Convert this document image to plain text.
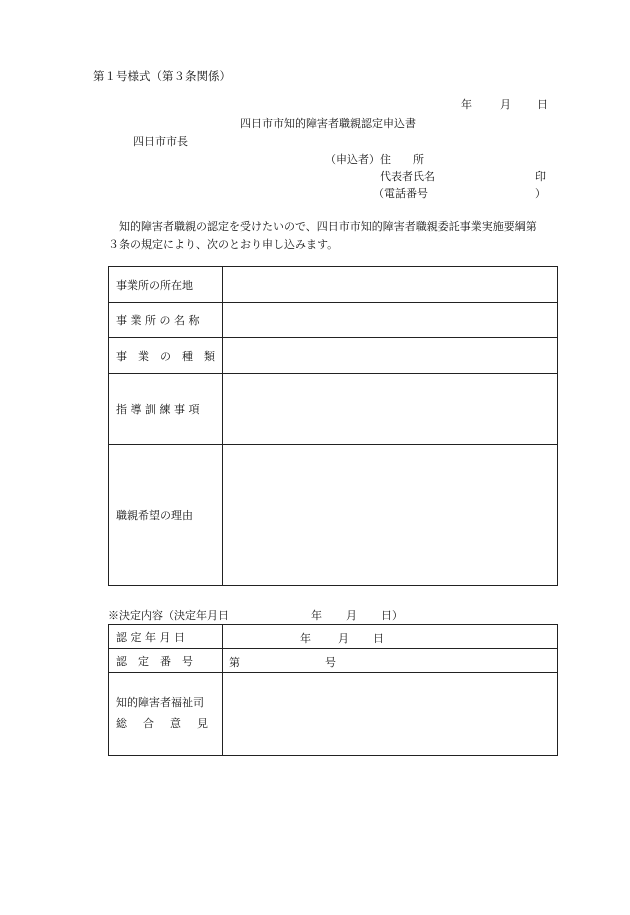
第１号様式（第３条関係）
年	月 日
四日市市知的障害者職親認定申込書
四日市市長
（申込者） 住　　所
代表者氏名	印
（電話番号	）
知的障害者職親の認定を受けたいので、四日市市知的障害者職親委託事業実施要綱第
３条の規定により、次のとおり申し込みます。
事業所の所在地	
事 業 所 の 名 称	
事　業　の　種　類	
指 導 訓 練 事 項	
職親希望の理由	
※決定内容（決定年月日	年 月 日）
認 定 年 月 日	年 月 日

認　定　番　号	第 号

知的障害者福祉司
総 合 意 見	
